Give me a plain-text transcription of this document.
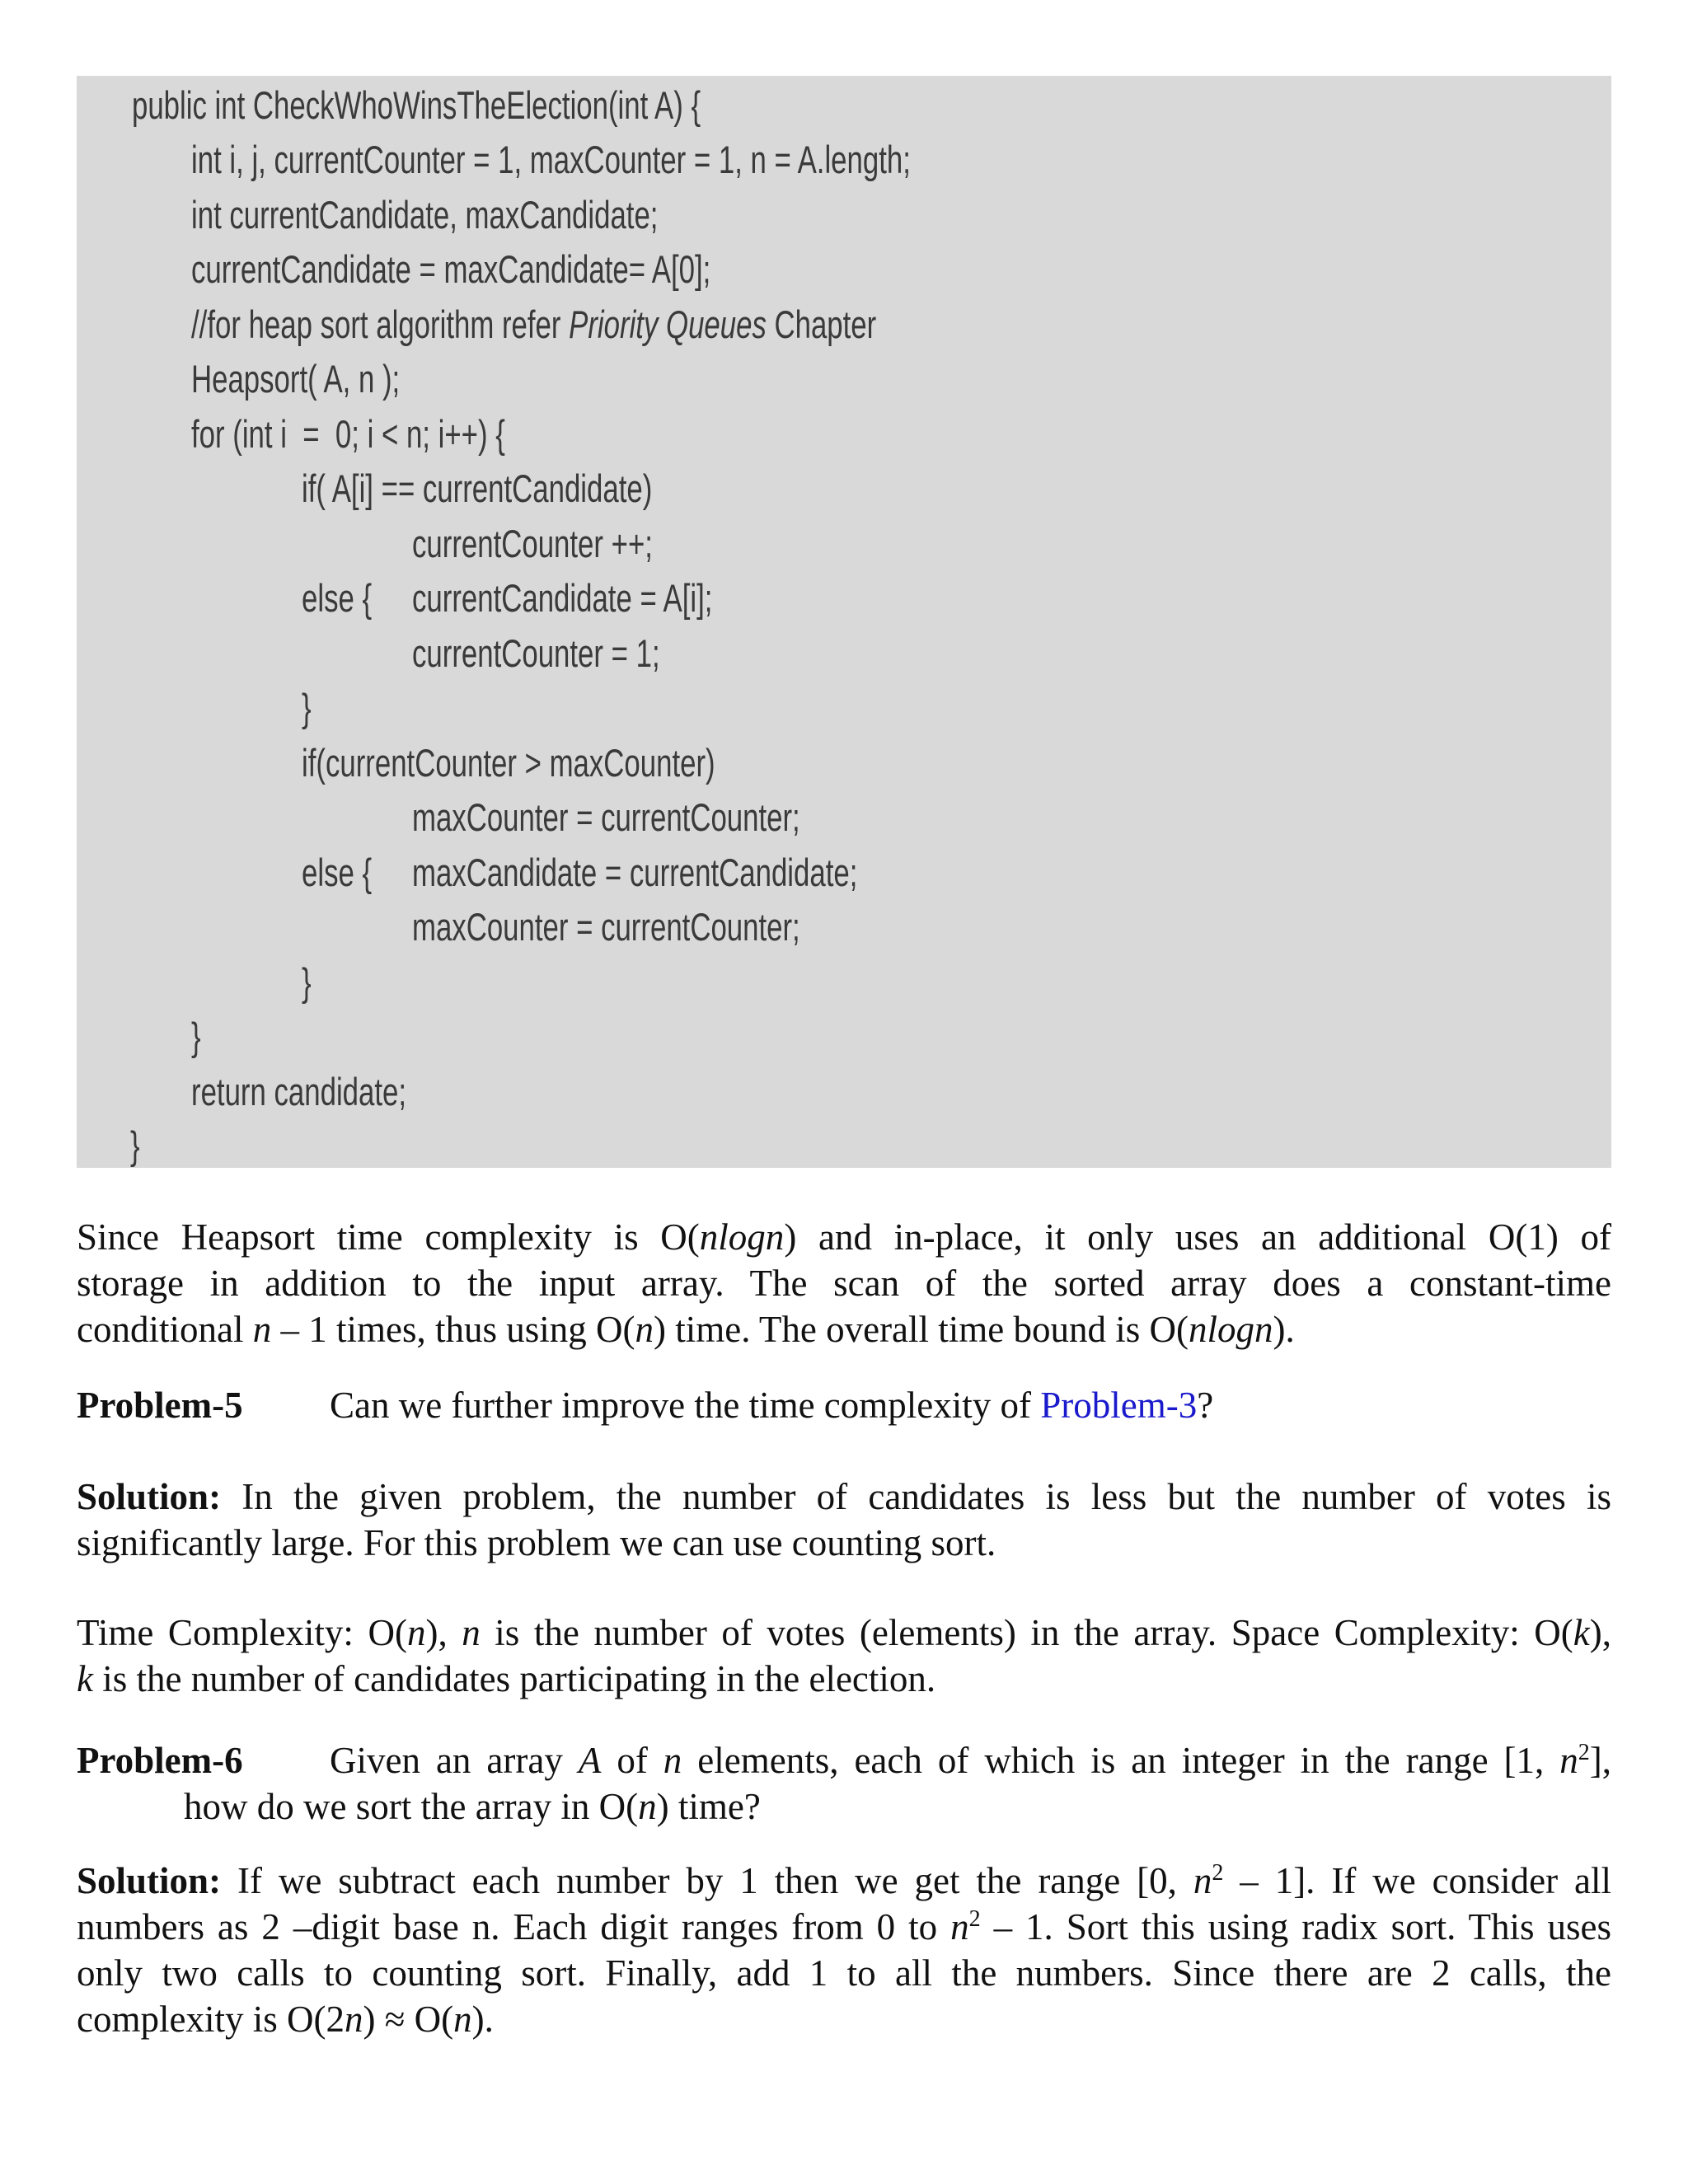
public int CheckWhoWinsTheElection(int A) {
int i, j, currentCounter = 1, maxCounter = 1, n = A.length;
int currentCandidate, maxCandidate;
currentCandidate = maxCandidate= A[0];
//for heap sort algorithm refer Priority Queues Chapter
Heapsort( A, n );
for (int i  =  0; i < n; i++) {
if( A[i] == currentCandidate)
currentCounter ++;
else { currentCandidate = A[i];
currentCounter = 1;
}
if(currentCounter > maxCounter)
maxCounter = currentCounter;
else { maxCandidate = currentCandidate;
maxCounter = currentCounter;
}
}
return candidate;
}
Since Heapsort time complexity is O(nlogn) and in-place, it only uses an additional O(1) of
storage in addition to the input array. The scan of the sorted array does a constant-time
conditional n – 1 times, thus using O(n) time. The overall time bound is O(nlogn).
Problem-5 Can we further improve the time complexity of Problem-3?
Solution: In the given problem, the number of candidates is less but the number of votes is
significantly large. For this problem we can use counting sort.
Time Complexity: O(n), n is the number of votes (elements) in the array. Space Complexity: O(k),
k is the number of candidates participating in the election.
Problem-6 Given an array A of n elements, each of which is an integer in the range [1, $n^2$],
how do we sort the array in O(n) time?
Solution: If we subtract each number by 1 then we get the range [0, $n^2 - 1$]. If we consider all
numbers as 2 –digit base n. Each digit ranges from 0 to $n^2 - 1$. Sort this using radix sort. This uses
only two calls to counting sort. Finally, add 1 to all the numbers. Since there are 2 calls, the
complexity is O(2n) ≈ O(n).
